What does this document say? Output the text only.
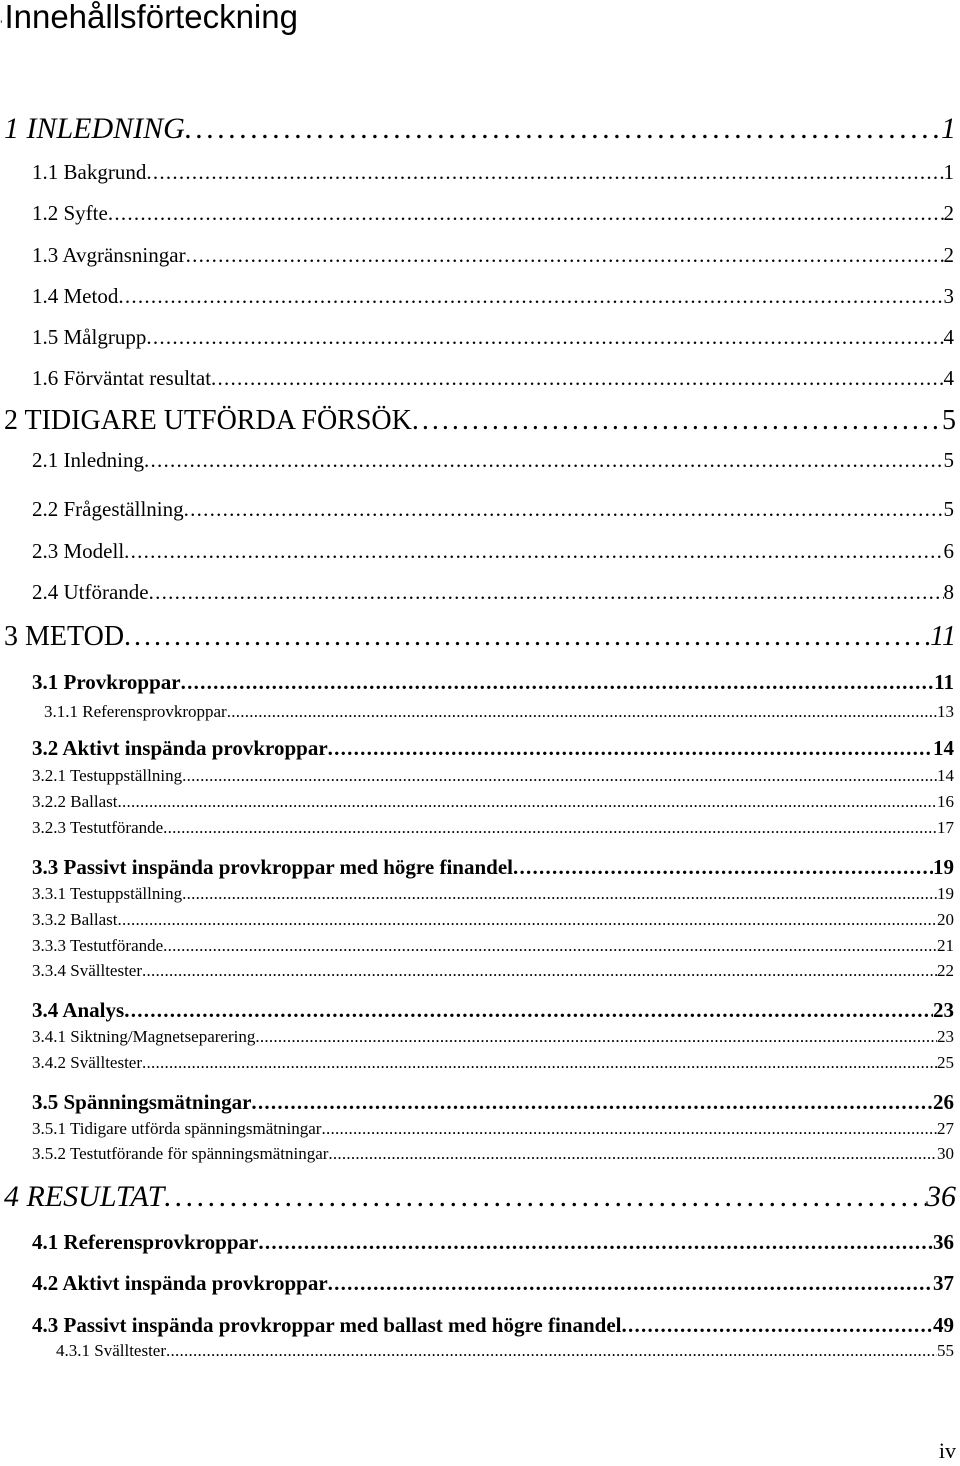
’Innehållsförteckning
1 INLEDNING . . .	1
1.1 Bakgrund . . .	1
1.2 Syfte . . .	2
1.3 Avgränsningar . . .	2
1.4 Metod . . .	3
1.5 Målgrupp . . .	4
1.6 Förväntat resultat . . .	4
2 TIDIGARE UTFÖRDA FÖRSÖK . . .	5
2.1 Inledning . . .	5
2.2 Frågeställning . . .	5
2.3 Modell . . .	6
2.4 Utförande . . .	8
3 METOD . . .	11
3.1 Provkroppar . . .	11
3.1.1 Referensprovkroppar . . .	13
3.2 Aktivt inspända provkroppar . . .	14
3.2.1 Testuppställning . . .	14
3.2.2 Ballast . . .	16
3.2.3 Testutförande . . .	17
3.3 Passivt inspända provkroppar med högre finandel . . .	19
3.3.1 Testuppställning . . .	19
3.3.2 Ballast . . .	20
3.3.3 Testutförande . . .	21
3.3.4 Svälltester . . .	22
3.4 Analys . . .	23
3.4.1 Siktning/Magnetseparering . . .	23
3.4.2 Svälltester . . .	25
3.5 Spänningsmätningar . . .	26
3.5.1 Tidigare utförda spänningsmätningar . . .	27
3.5.2 Testutförande för spänningsmätningar . . .	30
4 RESULTAT . . .	36
4.1 Referensprovkroppar . . .	36
4.2 Aktivt inspända provkroppar . . .	37
4.3 Passivt inspända provkroppar med ballast med högre finandel . . .	49
4.3.1 Svälltester . . .	55
iv
